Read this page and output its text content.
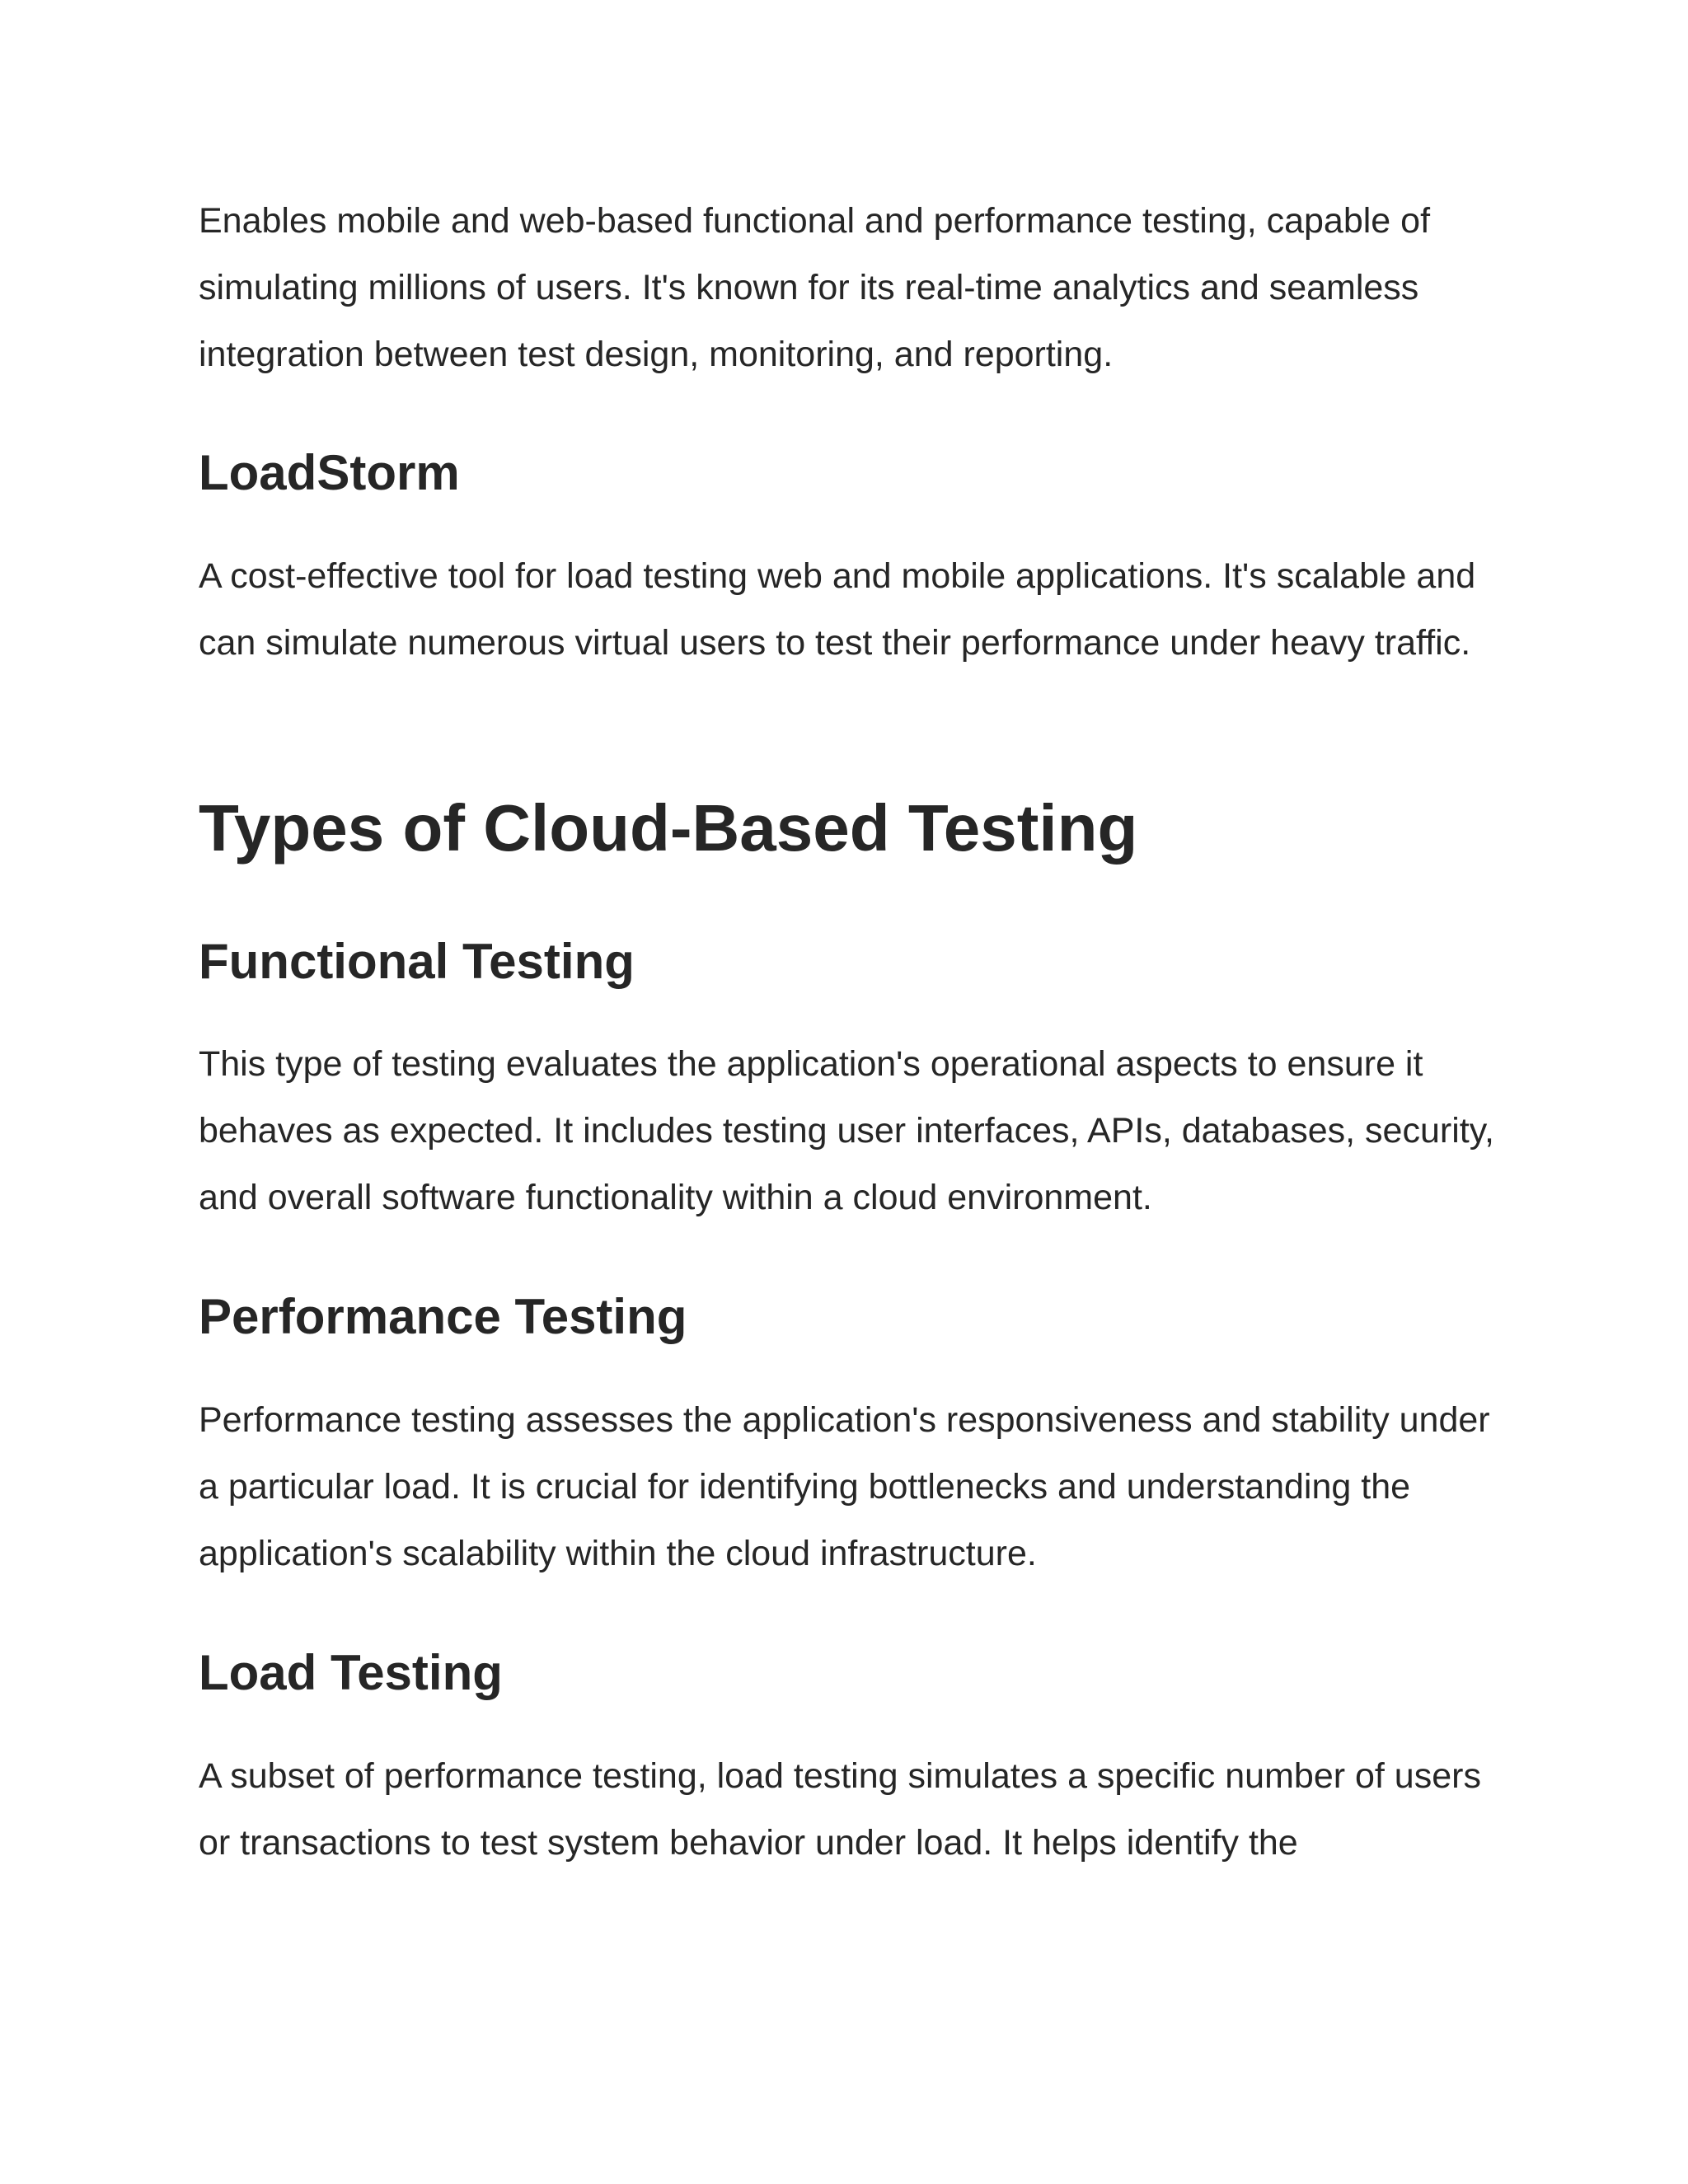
Enables mobile and web-based functional and performance testing, capable of simulating millions of users. It's known for its real-time analytics and seamless integration between test design, monitoring, and reporting.

LoadStorm

A cost-effective tool for load testing web and mobile applications. It's scalable and can simulate numerous virtual users to test their performance under heavy traffic.

Types of Cloud-Based Testing
Functional Testing

This type of testing evaluates the application's operational aspects to ensure it behaves as expected. It includes testing user interfaces, APIs, databases, security, and overall software functionality within a cloud environment.

Performance Testing

Performance testing assesses the application's responsiveness and stability under a particular load. It is crucial for identifying bottlenecks and understanding the application's scalability within the cloud infrastructure.

Load Testing

A subset of performance testing, load testing simulates a specific number of users or transactions to test system behavior under load. It helps identify the
